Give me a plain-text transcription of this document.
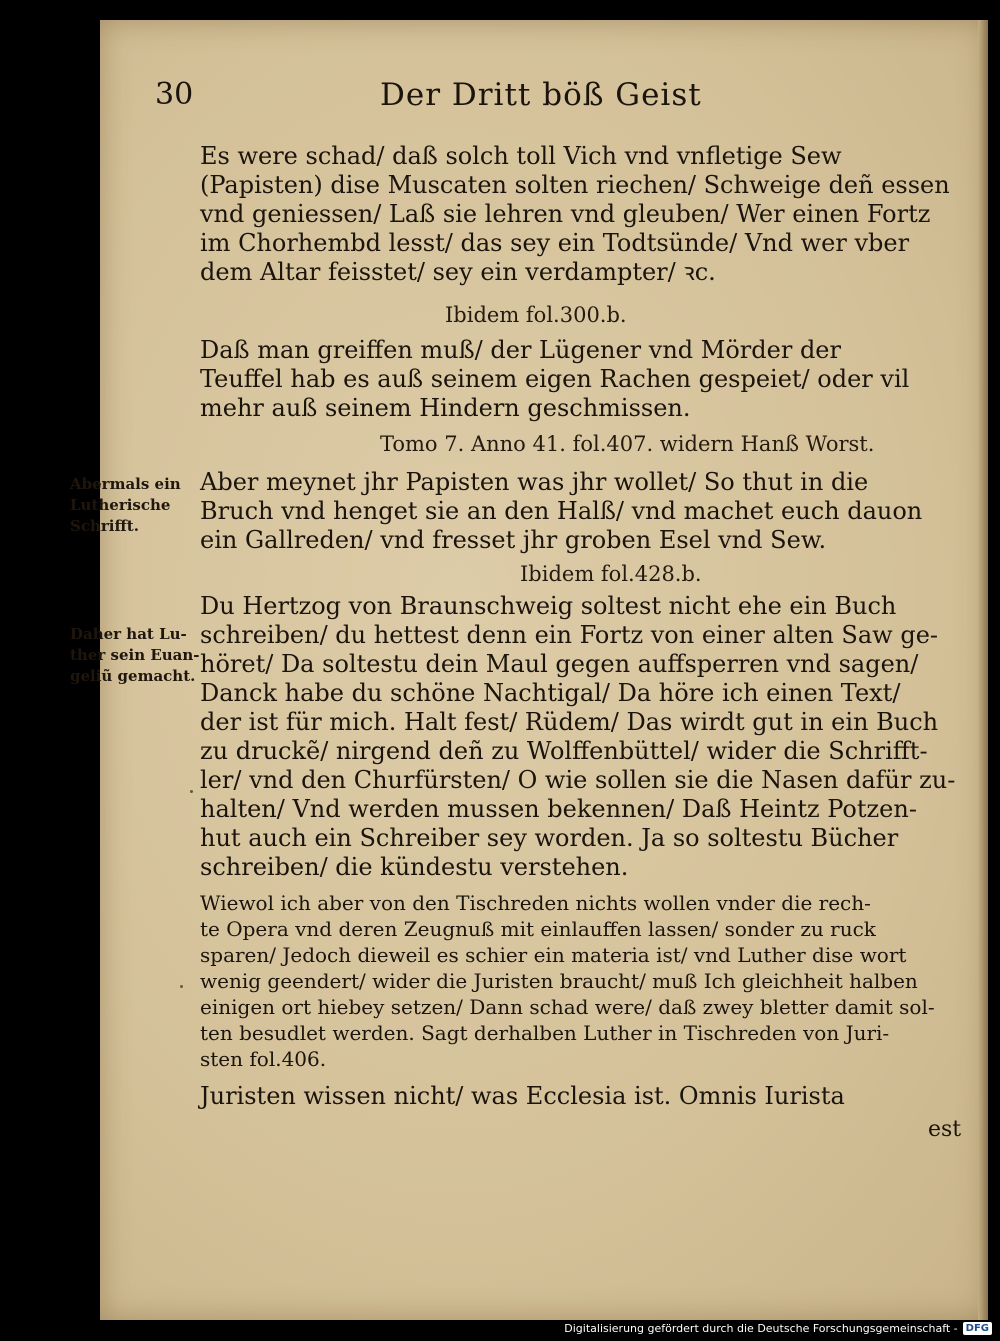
30	Der Dritt böß Geist
Es were schad/ daß solch toll Vich vnd vnfletige Sew
(Papisten) dise Muscaten solten riechen/ Schweige deñ essen
vnd geniessen/ Laß sie lehren vnd gleuben/ Wer einen Fortz
im Chorhembd lesst/ das sey ein Todtsünde/ Vnd wer vber
dem Altar feisstet/ sey ein verdampter/ ꝛc.
Ibidem fol.300.b.
Daß man greiffen muß/ der Lügener vnd Mörder der
Teuffel hab es auß seinem eigen Rachen gespeiet/ oder vil
mehr auß seinem Hindern geschmissen.
Tomo 7. Anno 41. fol.407. widern Hanß Worst.
Abermals ein
Lutherische
Schrifft.
Aber meynet jhr Papisten was jhr wollet/ So thut in die
Bruch vnd henget sie an den Halß/ vnd machet euch dauon
ein Gallreden/ vnd fresset jhr groben Esel vnd Sew.
Ibidem fol.428.b.
Daher hat Lu-
ther sein Euan-
geliũ gemacht.
Du Hertzog von Braunschweig soltest nicht ehe ein Buch
schreiben/ du hettest denn ein Fortz von einer alten Saw ge-
höret/ Da soltestu dein Maul gegen auffsperren vnd sagen/
Danck habe du schöne Nachtigal/ Da höre ich einen Text/
der ist für mich. Halt fest/ Rüdem/ Das wirdt gut in ein Buch
zu druckẽ/ nirgend deñ zu Wolffenbüttel/ wider die Schrifft-
ler/ vnd den Churfürsten/ O wie sollen sie die Nasen dafür zu-
halten/ Vnd werden mussen bekennen/ Daß Heintz Potzen-
hut auch ein Schreiber sey worden. Ja so soltestu Bücher
schreiben/ die kündestu verstehen.
Wiewol ich aber von den Tischreden nichts wollen vnder die rech-
te Opera vnd deren Zeugnuß mit einlauffen lassen/ sonder zu ruck
sparen/ Jedoch dieweil es schier ein materia ist/ vnd Luther dise wort
wenig geendert/ wider die Juristen braucht/ muß Ich gleichheit halben
einigen ort hiebey setzen/ Dann schad were/ daß zwey bletter damit sol-
ten besudlet werden. Sagt derhalben Luther in Tischreden von Juri-
sten fol.406.
Juristen wissen nicht/ was Ecclesia ist. Omnis Iurista
est
Digitalisierung gefördert durch die Deutsche Forschungsgemeinschaft - DFG
